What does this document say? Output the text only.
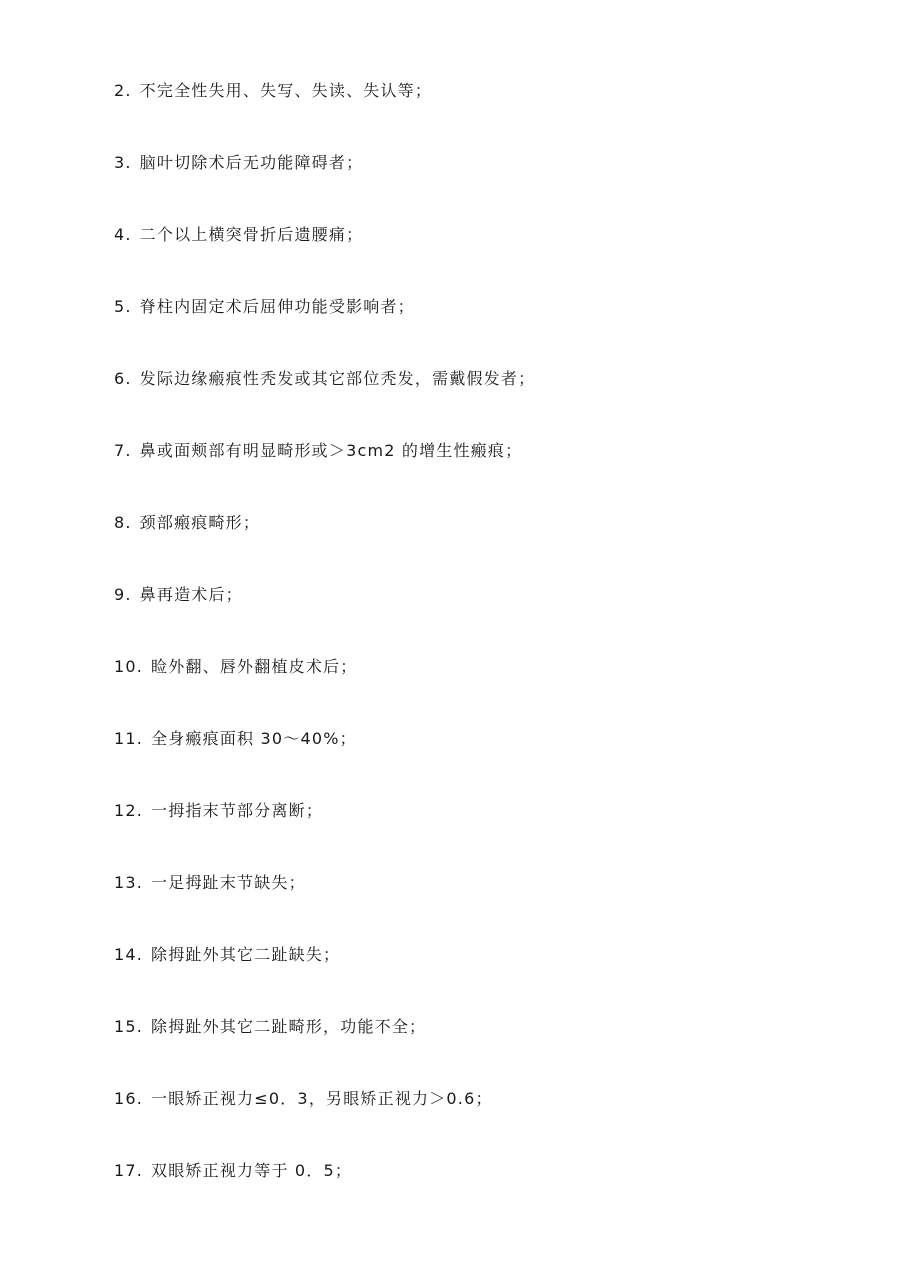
2. 不完全性失用、失写、失读、失认等；
3. 脑叶切除术后无功能障碍者；
4. 二个以上横突骨折后遗腰痛；
5. 脊柱内固定术后屈伸功能受影响者；
6. 发际边缘瘢痕性秃发或其它部位秃发，需戴假发者；
7. 鼻或面颊部有明显畸形或＞3cm2 的增生性瘢痕；
8. 颈部瘢痕畸形；
9. 鼻再造术后；
10. 睑外翻、唇外翻植皮术后；
11. 全身瘢痕面积 30～40%；
12. 一拇指末节部分离断；
13. 一足拇趾末节缺失；
14. 除拇趾外其它二趾缺失；
15. 除拇趾外其它二趾畸形，功能不全；
16. 一眼矫正视力≤0．3，另眼矫正视力＞0.6；
17. 双眼矫正视力等于 0．5；
